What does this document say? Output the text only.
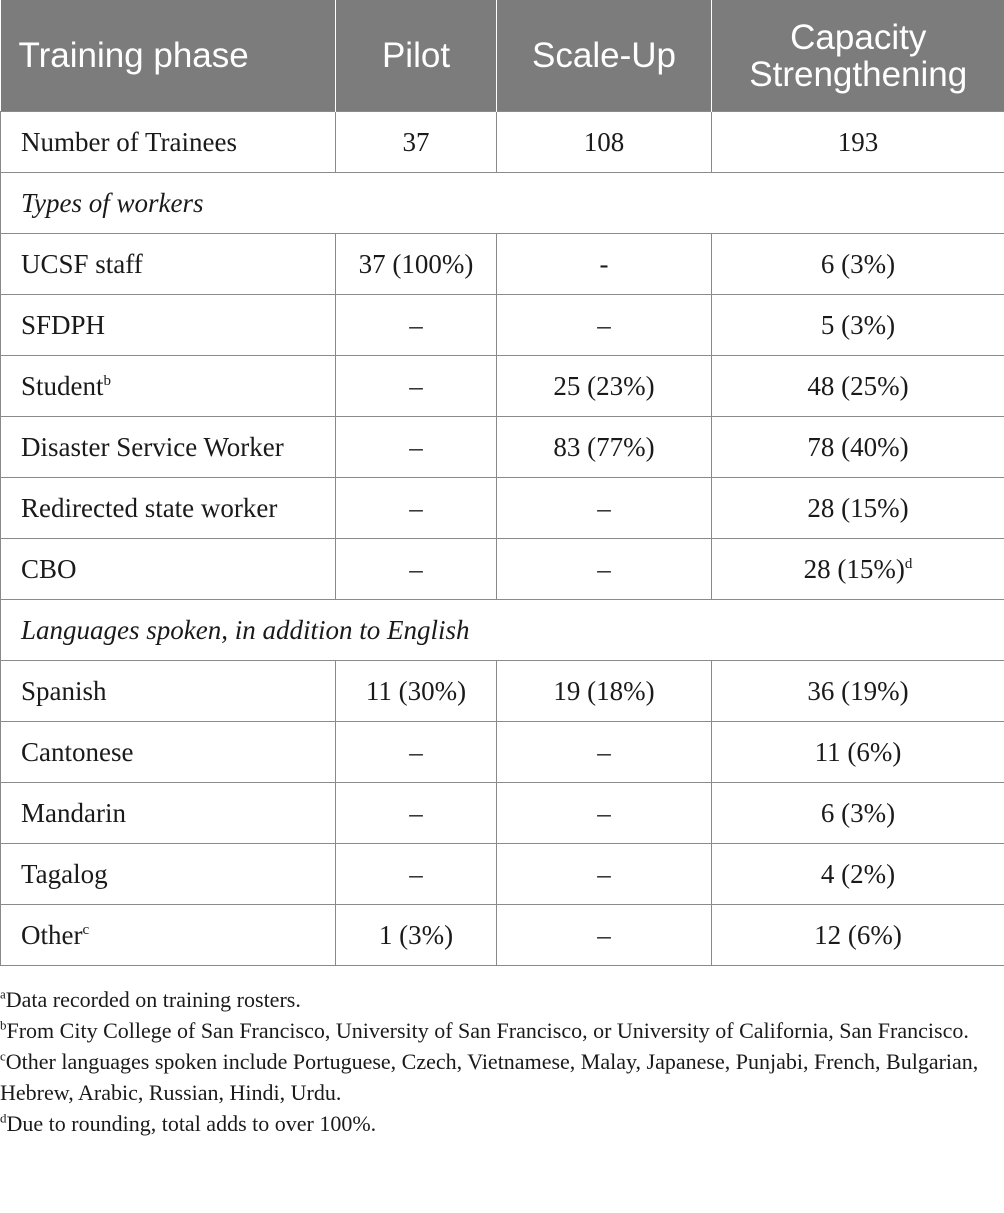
Training phase	Pilot	Scale-Up	Capacity
Strengthening
Number of Trainees	37	108	193
Types of workers			
UCSF staff	37 (100%)	-	6 (3%)
SFDPH	–	–	5 (3%)
Student$^b$	–	25 (23%)	48 (25%)
Disaster Service Worker	–	83 (77%)	78 (40%)
Redirected state worker	–	–	28 (15%)
CBO	–	–	28 $(15\%)^d$
Languages spoken, in addition to English			
Spanish	11 (30%)	19 (18%)	36 (19%)
Cantonese	–	–	11 (6%)
Mandarin	–	–	6 (3%)
Tagalog	–	–	4 (2%)
Other$^c$	1 (3%)	–	12 (6%)

$^a$Data recorded on training rosters.

$^b$From City College of San Francisco, University of San Francisco, or University of California, San Francisco.

$^c$Other languages spoken include Portuguese, Czech, Vietnamese, Malay, Japanese, Punjabi, French, Bulgarian, Hebrew, Arabic, Russian, Hindi, Urdu.

$^d$Due to rounding, total adds to over 100%.
